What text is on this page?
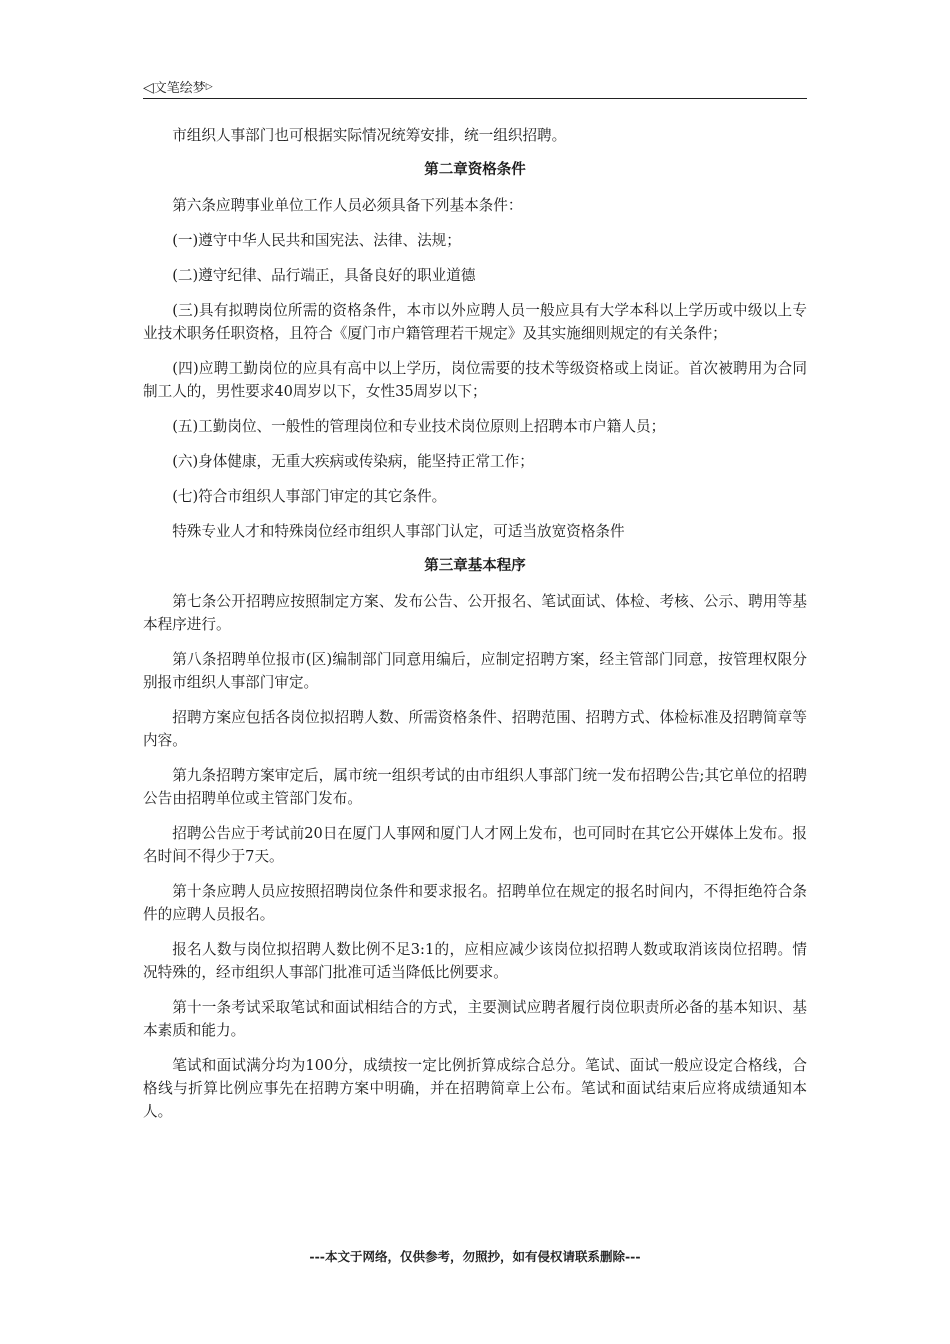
◁文笔绘梦▷

市组织人事部门也可根据实际情况统筹安排，统一组织招聘。

第二章资格条件

第六条应聘事业单位工作人员必须具备下列基本条件：

(一)遵守中华人民共和国宪法、法律、法规；

(二)遵守纪律、品行端正，具备良好的职业道德

(三)具有拟聘岗位所需的资格条件，本市以外应聘人员一般应具有大学本科以上学历或中级以上专业技术职务任职资格，且符合《厦门市户籍管理若干规定》及其实施细则规定的有关条件；

(四)应聘工勤岗位的应具有高中以上学历，岗位需要的技术等级资格或上岗证。首次被聘用为合同制工人的，男性要求40周岁以下，女性35周岁以下；

(五)工勤岗位、一般性的管理岗位和专业技术岗位原则上招聘本市户籍人员；

(六)身体健康，无重大疾病或传染病，能坚持正常工作；

(七)符合市组织人事部门审定的其它条件。

特殊专业人才和特殊岗位经市组织人事部门认定，可适当放宽资格条件

第三章基本程序

第七条公开招聘应按照制定方案、发布公告、公开报名、笔试面试、体检、考核、公示、聘用等基本程序进行。

第八条招聘单位报市(区)编制部门同意用编后，应制定招聘方案，经主管部门同意，按管理权限分别报市组织人事部门审定。

招聘方案应包括各岗位拟招聘人数、所需资格条件、招聘范围、招聘方式、体检标准及招聘简章等内容。

第九条招聘方案审定后，属市统一组织考试的由市组织人事部门统一发布招聘公告;其它单位的招聘公告由招聘单位或主管部门发布。

招聘公告应于考试前20日在厦门人事网和厦门人才网上发布，也可同时在其它公开媒体上发布。报名时间不得少于7天。

第十条应聘人员应按照招聘岗位条件和要求报名。招聘单位在规定的报名时间内，不得拒绝符合条件的应聘人员报名。

报名人数与岗位拟招聘人数比例不足3:1的，应相应减少该岗位拟招聘人数或取消该岗位招聘。情况特殊的，经市组织人事部门批准可适当降低比例要求。

第十一条考试采取笔试和面试相结合的方式，主要测试应聘者履行岗位职责所必备的基本知识、基本素质和能力。

笔试和面试满分均为100分，成绩按一定比例折算成综合总分。笔试、面试一般应设定合格线，合格线与折算比例应事先在招聘方案中明确，并在招聘简章上公布。笔试和面试结束后应将成绩通知本人。

---本文于网络，仅供参考，勿照抄，如有侵权请联系删除---
